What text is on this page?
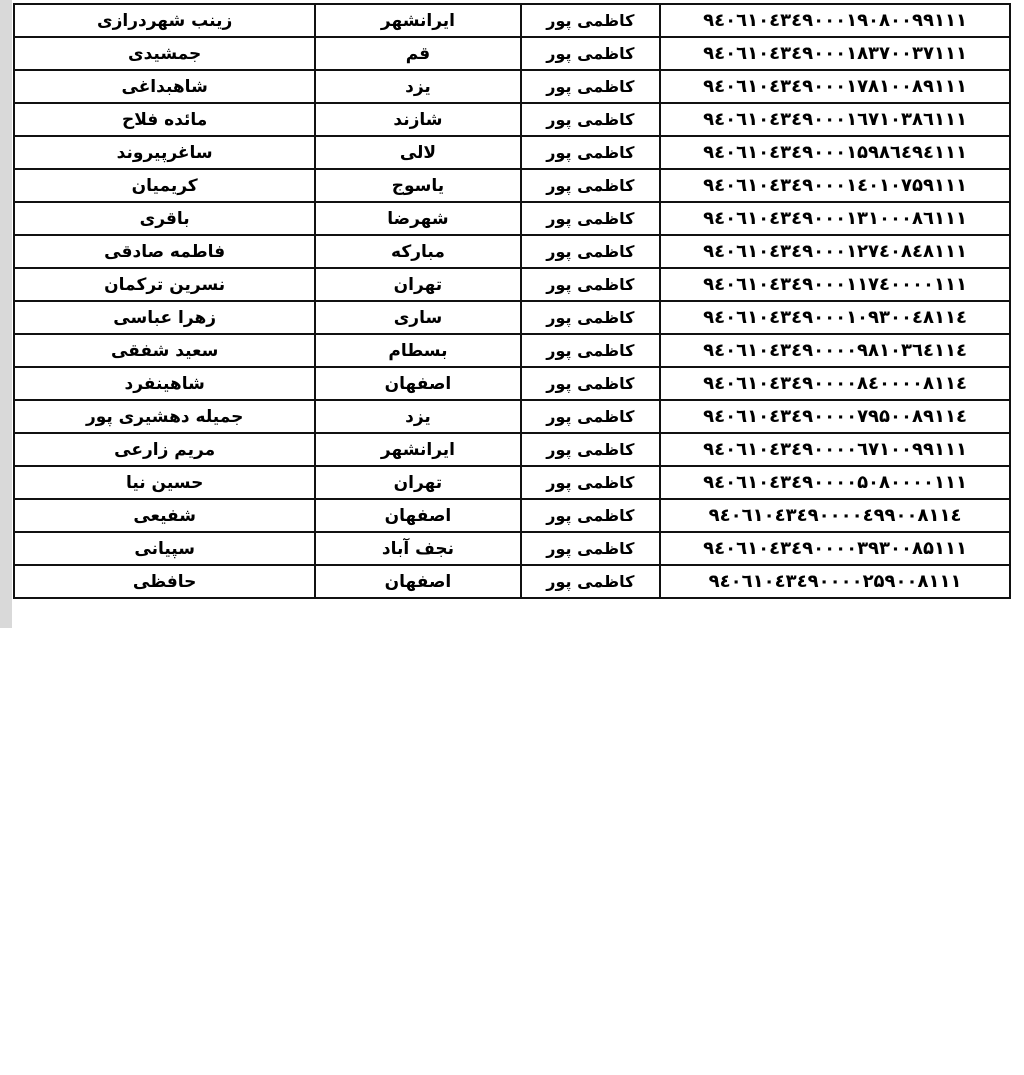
زینب شهردرازی	ایرانشهر	کاظمی پور	۹٤۰٦۱۰٤۳٤۹۰۰۰۱۹۰۸۰۰۹۹۱۱۱
جمشیدی	قم	کاظمی پور	۹٤۰٦۱۰٤۳٤۹۰۰۰۱۸۳۷۰۰۳۷۱۱۱
شاهبداغی	یزد	کاظمی پور	۹٤۰٦۱۰٤۳٤۹۰۰۰۱۷۸۱۰۰۸۹۱۱۱
مائده فلاح	شازند	کاظمی پور	۹٤۰٦۱۰٤۳٤۹۰۰۰۱٦۷۱۰۳۸٦۱۱۱
ساغرپیروند	لالی	کاظمی پور	۹٤۰٦۱۰٤۳٤۹۰۰۰۱۵۹۸٦٤۹٤۱۱۱
کریمیان	یاسوج	کاظمی پور	۹٤۰٦۱۰٤۳٤۹۰۰۰۱٤۰۱۰۷۵۹۱۱۱
باقری	شهرضا	کاظمی پور	۹٤۰٦۱۰٤۳٤۹۰۰۰۱۳۱۰۰۰۸٦۱۱۱
فاطمه صادقی	مبارکه	کاظمی پور	۹٤۰٦۱۰٤۳٤۹۰۰۰۱۲۷٤۰۸٤۸۱۱۱
نسرین ترکمان	تهران	کاظمی پور	۹٤۰٦۱۰٤۳٤۹۰۰۰۱۱۷٤۰۰۰۰۱۱۱
زهرا عباسی	ساری	کاظمی پور	۹٤۰٦۱۰٤۳٤۹۰۰۰۱۰۹۳۰۰٤۸۱۱٤
سعید شفقی	بسطام	کاظمی پور	۹٤۰٦۱۰٤۳٤۹۰۰۰۰۹۸۱۰۳٦٤۱۱٤
شاهینفرد	اصفهان	کاظمی پور	۹٤۰٦۱۰٤۳٤۹۰۰۰۰۸٤۰۰۰۰۸۱۱٤
جمیله دهشیری پور	یزد	کاظمی پور	۹٤۰٦۱۰٤۳٤۹۰۰۰۰۷۹۵۰۰۸۹۱۱٤
مریم زارعی	ایرانشهر	کاظمی پور	۹٤۰٦۱۰٤۳٤۹۰۰۰۰٦۷۱۰۰۹۹۱۱۱
حسین نیا	تهران	کاظمی پور	۹٤۰٦۱۰٤۳٤۹۰۰۰۰۵۰۸۰۰۰۰۱۱۱
شفیعی	اصفهان	کاظمی پور	۹٤۰٦۱۰٤۳٤۹۰۰۰۰٤۹۹۰۰۸۱۱٤
سپیانی	نجف آباد	کاظمی پور	۹٤۰٦۱۰٤۳٤۹۰۰۰۰۳۹۳۰۰۸۵۱۱۱
حافظی	اصفهان	کاظمی پور	۹٤۰٦۱۰٤۳٤۹۰۰۰۰۲۵۹۰۰۸۱۱۱
